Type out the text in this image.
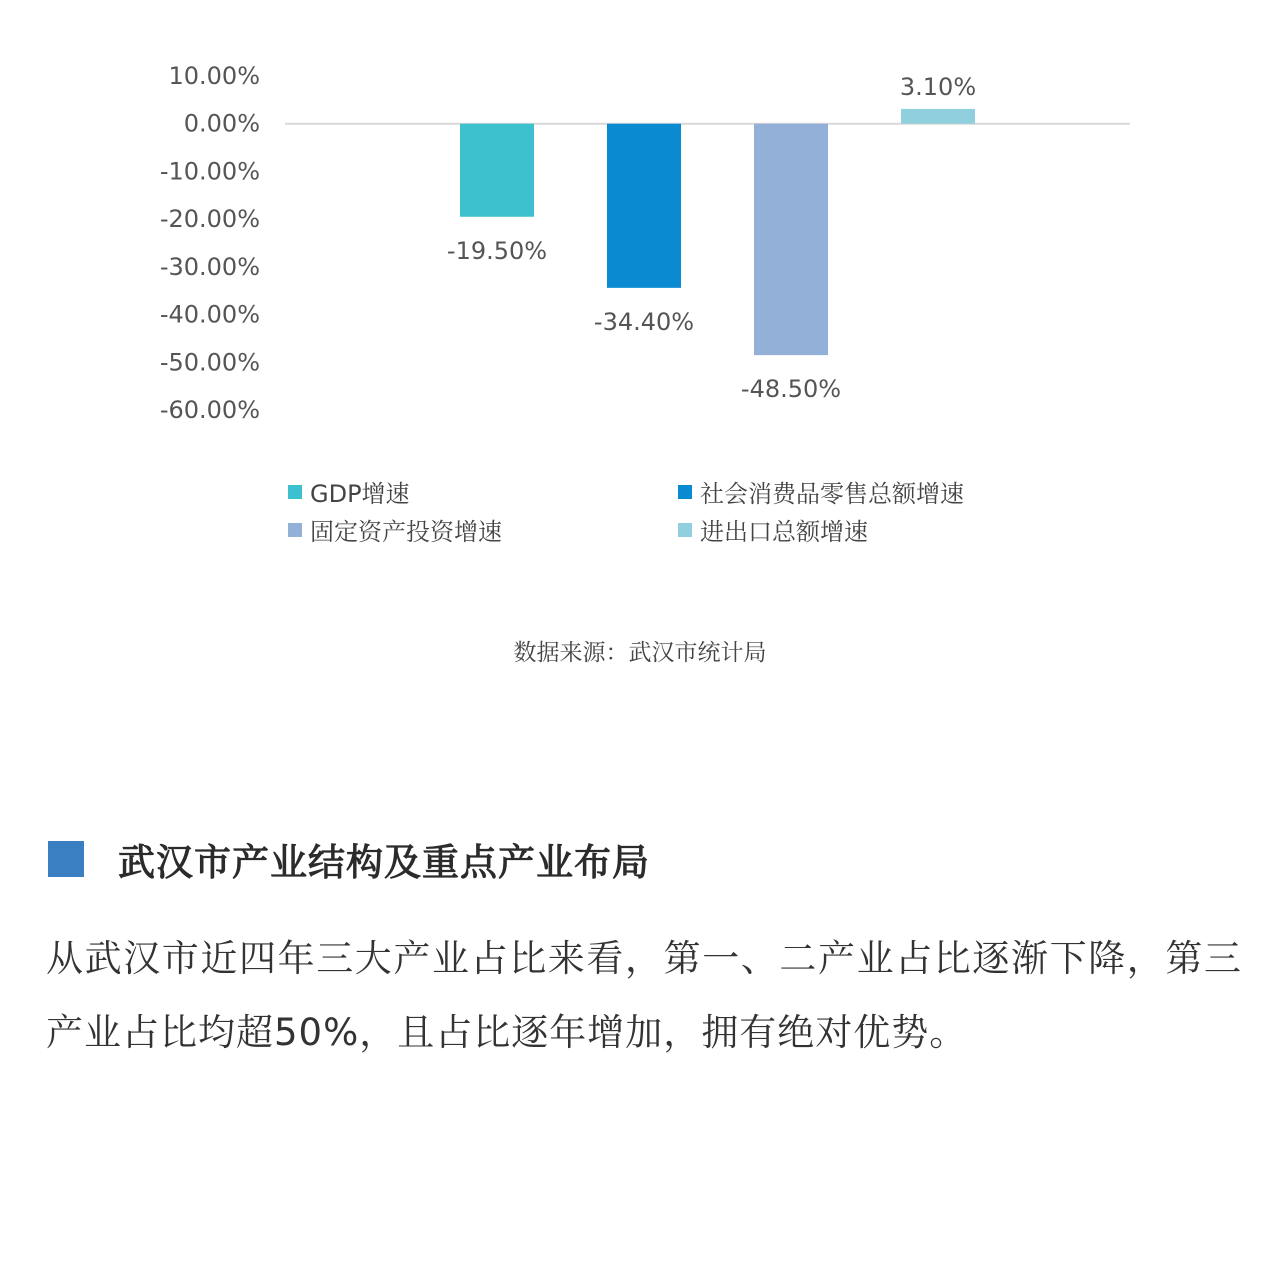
10.00%
0.00%
-10.00%
-20.00%
-30.00%
-40.00%
-50.00%
-60.00%
-19.50%
-34.40%
-48.50%
3.10%
GDP增速	社会消费品零售总额增速
固定资产投资增速	进出口总额增速
数据来源：武汉市统计局
武汉市产业结构及重点产业布局
从武汉市近四年三大产业占比来看，第一、二产业占比逐渐下降，第三产业占比均超50%，且占比逐年增加，拥有绝对优势。
